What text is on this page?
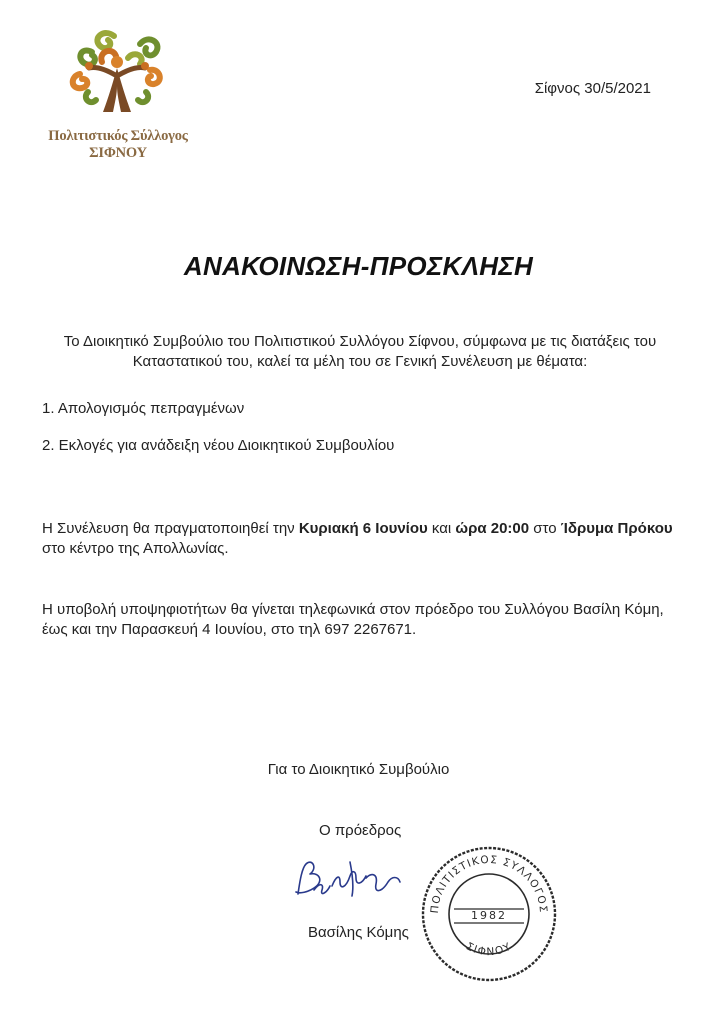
Πολιτιστικός Σύλλογος
ΣΙΦΝΟΥ
Σίφνος 30/5/2021
ΑΝΑΚΟΙΝΩΣΗ-ΠΡΟΣΚΛΗΣΗ
Το Διοικητικό Συμβούλιο του Πολιτιστικού Συλλόγου Σίφνου, σύμφωνα με τις διατάξεις του Καταστατικού του, καλεί τα μέλη του σε Γενική Συνέλευση με θέματα:
1. Απολογισμός πεπραγμένων
2. Εκλογές για ανάδειξη νέου Διοικητικού Συμβουλίου
Η Συνέλευση θα πραγματοποιηθεί την Κυριακή 6 Ιουνίου και ώρα 20:00 στο Ίδρυμα Πρόκου στο κέντρο της Απολλωνίας.
Η υποβολή υποψηφιοτήτων θα γίνεται τηλεφωνικά στον πρόεδρο του Συλλόγου Βασίλη Κόμη, έως και την Παρασκευή 4 Ιουνίου, στο τηλ 697 2267671.
Για το Διοικητικό Συμβούλιο
Ο πρόεδρος
Βασίλης Κόμης
ΠΟΛΙΤΙΣΤΙΚΟΣ ΣΥΛΛΟΓΟΣ
1982
ΣΙΦΝΟΥ
